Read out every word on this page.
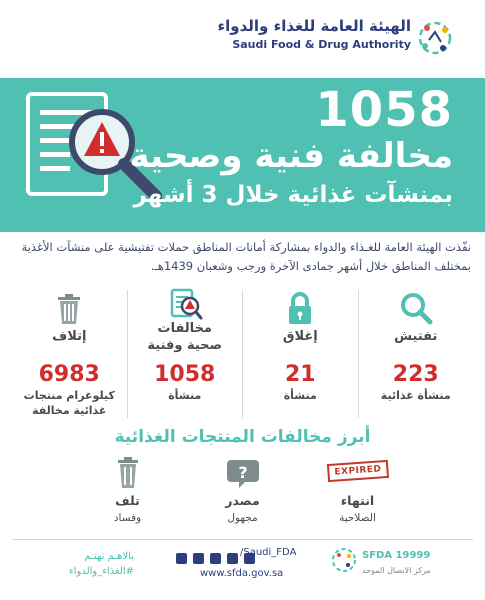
الهيئة العامة للغذاء والدواء
Saudi Food & Drug Authority
1058
مخالفة فنية وصحية
بمنشآت غذائية خلال 3 أشهر

نفّذت الهيئة العامة للغـذاء والدواء بمشاركة أمانات المناطق حملات تفتيشية على منشآت الأغذية بمختلف المناطق خلال أشهر جمادى الآخرة ورجب وشعبان 1439هـ.

تفتيش
223
منشأة غذائية
إغلاق
21
منشأة
مخالفات صحية وفنية
1058
منشأة
إتلاف
6983
كيلوغرام منتجات غذائية مخالفة
أبرز مخالفات المنتجات الغذائية
EXPIRED
انتهاء
الصلاحية
?
مصدر
مجهول
تلف
وفساد
بالاهـم نهتـم
#الغذاء_والدواء

/Saudi_FDA
www.sfda.gov.sa
SFDA 19999
مركز الاتصال الموحد
